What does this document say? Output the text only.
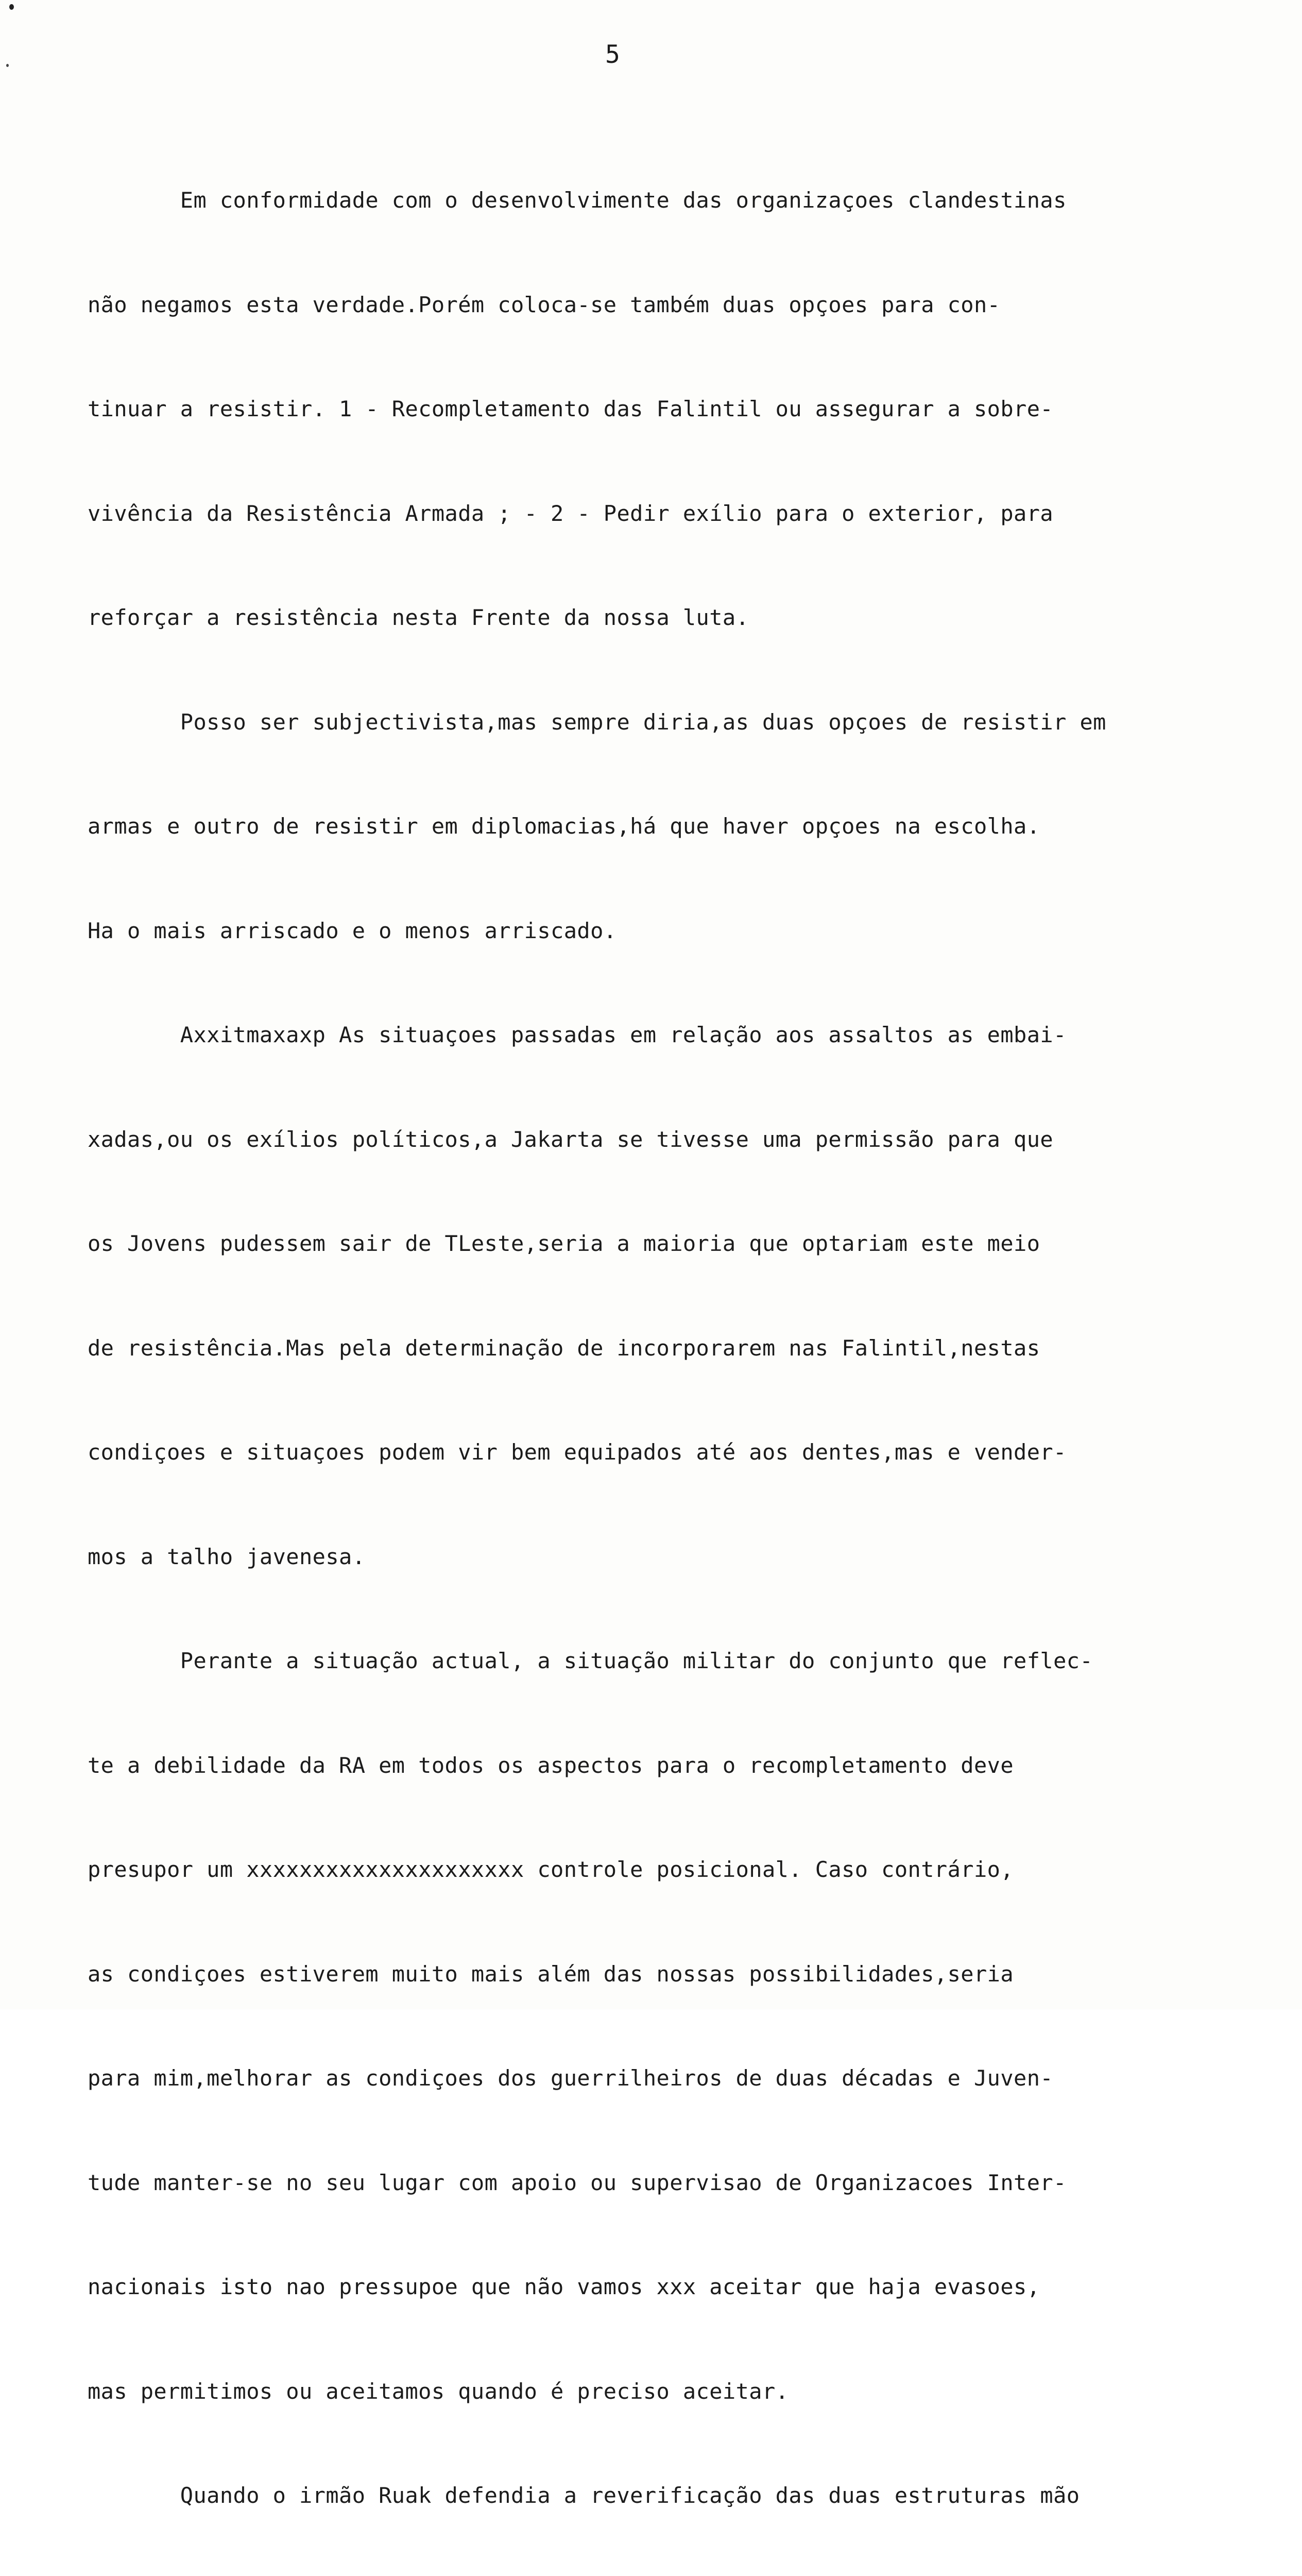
5

Em conformidade com o desenvolvimente das organizaçoes clandestinas

não negamos esta verdade.Porém coloca-se também duas opçoes para con-

tinuar a resistir. 1 - Recompletamento das Falintil ou assegurar a sobre-

vivência da Resistência Armada ; - 2 - Pedir exílio para o exterior, para

reforçar a resistência nesta Frente da nossa luta.

Posso ser subjectivista,mas sempre diria,as duas opçoes de resistir em

armas e outro de resistir em diplomacias,há que haver opçoes na escolha.

Ha o mais arriscado e o menos arriscado.

Axxitmaxaxp As situaçoes passadas em relação aos assaltos as embai-

xadas,ou os exílios políticos,a Jakarta se tivesse uma permissão para que

os Jovens pudessem sair de TLeste,seria a maioria que optariam este meio

de resistência.Mas pela determinação de incorporarem nas Falintil,nestas

condiçoes e situaçoes podem vir bem equipados até aos dentes,mas e vender-

mos a talho javenesa.

Perante a situação actual, a situação militar do conjunto que reflec-

te a debilidade da RA em todos os aspectos para o recompletamento deve

presupor um xxxxxxxxxxxxxxxxxxxxx controle posicional. Caso contrário,

as condiçoes estiverem muito mais além das nossas possibilidades,seria

para mim,melhorar as condiçoes dos guerrilheiros de duas décadas e Juven-

tude manter-se no seu lugar com apoio ou supervisao de Organizacoes Inter-

nacionais isto nao pressupoe que não vamos xxx aceitar que haja evasoes,

mas permitimos ou aceitamos quando é preciso aceitar.

Quando o irmão Ruak defendia a reverificação das duas estruturas mão
